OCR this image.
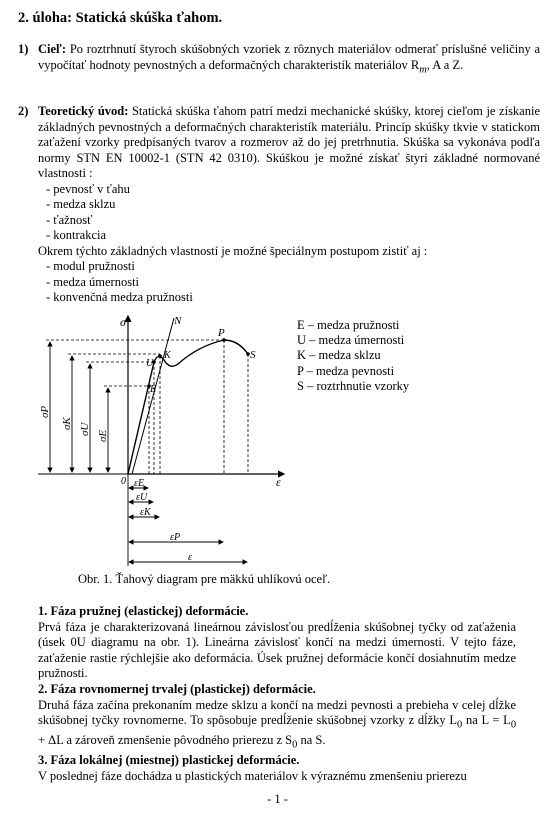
2. úloha: Statická skúška ťahom.
1) Cieľ: Po roztrhnutí štyroch skúšobných vzoriek z rôznych materiálov odmerať príslušné veličiny a vypočítať hodnoty pevnostných a deformačných charakteristík materiálov $R_m$, A a Z.

2) Teoretický úvod: Statická skúška ťahom patrí medzi mechanické skúšky, ktorej cieľom je získanie základných pevnostných a deformačných charakteristík materiálu. Princíp skúšky tkvie v statickom zaťažení vzorky predpísaných tvarov a rozmerov až do jej pretrhnutia. Skúška sa vykonáva podľa normy STN EN 10002-1 (STN 42 0310). Skúškou je možné získať štyri základné normované vlastnosti :

- pevnosť v ťahu
- medza sklzu
- ťažnosť
- kontrakcia

Okrem týchto základných vlastností je možné špeciálnym postupom zistiť aj :

- modul pružnosti
- medza úmernosti
- konvenčná medza pružnosti
σ	N
P
S
U
K
E
0	ε
σP
σK σU σE
εE
εU
εK
εP
ε
E – medza pružnosti
U – medza úmernosti
K – medza sklzu
P – medza pevnosti
S – roztrhnutie vzorky
Obr. 1. Ťahový diagram pre mäkkú uhlíkovú oceľ.

1. Fáza pružnej (elastickej) deformácie.

Prvá fáza je charakterizovaná lineárnou závislosťou predĺženia skúšobnej tyčky od zaťaženia (úsek 0U diagramu na obr. 1). Lineárna závislosť končí na medzi úmernosti. V tejto fáze, zaťaženie rastie rýchlejšie ako deformácia. Úsek pružnej deformácie končí dosiahnutím medze pružnosti.

2. Fáza rovnomernej trvalej (plastickej) deformácie.

Druhá fáza začína prekonaním medze sklzu a končí na medzi pevnosti a prebieha v celej dĺžke skúšobnej tyčky rovnomerne. To spôsobuje predĺženie skúšobnej vzorky z dĺžky $L_0$ na $L = L_0 + \Delta L$ a zároveň zmenšenie pôvodného prierezu z $S_0$ na S.

3. Fáza lokálnej (miestnej) plastickej deformácie.

V poslednej fáze dochádza u plastických materiálov k výraznému zmenšeniu prierezu

- 1 -
